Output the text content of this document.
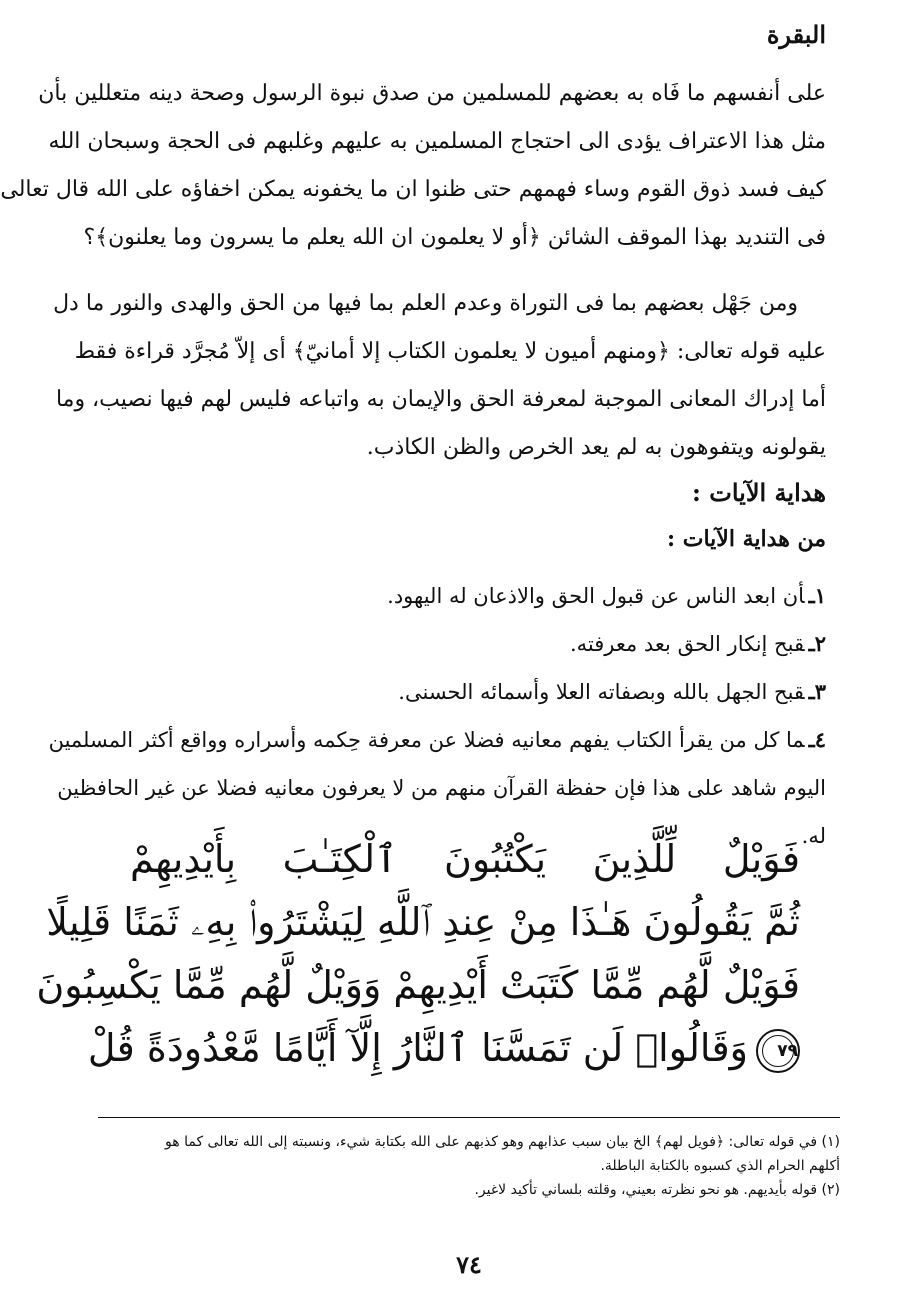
البقرة
على أنفسهم ما فَاه به بعضهم للمسلمين من صدق نبوة الرسول وصحة دينه متعللين بأن
مثل هذا الاعتراف يؤدى الى احتجاج المسلمين به عليهم وغلبهم فى الحجة وسبحان الله
كيف فسد ذوق القوم وساء فهمهم حتى ظنوا ان ما يخفونه يمكن اخفاؤه على الله قال تعالى
فى التنديد بهذا الموقف الشائن ﴿أو لا يعلمون ان الله يعلم ما يسرون وما يعلنون﴾؟
ومن جَهْل بعضهم بما فى التوراة وعدم العلم بما فيها من الحق والهدى والنور ما دل
عليه قوله تعالى: ﴿ومنهم أميون لا يعلمون الكتاب إلا أمانيّ﴾ أى إلاّ مُجرَّد قراءة فقط
أما إدراك المعانى الموجبة لمعرفة الحق والإيمان به واتباعه فليس لهم فيها نصيب، وما
يقولونه ويتفوهون به لم يعد الخرص والظن الكاذب.
هداية الآيات :
من هداية الآيات :
١ـأن ابعد الناس عن قبول الحق والاذعان له اليهود.
٢ـقبح إنكار الحق بعد معرفته.
٣ـقبح الجهل بالله وبصفاته العلا وأسمائه الحسنى.
٤ـما كل من يقرأ الكتاب يفهم معانيه فضلا عن معرفة حِكمه وأسراره وواقع أكثر المسلمين
اليوم شاهد على هذا فإن حفظة القرآن منهم من لا يعرفون معانيه فضلا عن غير الحافظين
له.
فَوَيْلٌ لِّلَّذِينَ يَكْتُبُونَ ٱلْكِتَـٰبَ بِأَيْدِيهِمْ
ثُمَّ يَقُولُونَ هَـٰذَا مِنْ عِندِ ٱللَّهِ لِيَشْتَرُوا۟ بِهِۦ ثَمَنًا قَلِيلًا
فَوَيْلٌ لَّهُم مِّمَّا كَتَبَتْ أَيْدِيهِمْ وَوَيْلٌ لَّهُم مِّمَّا يَكْسِبُونَ
٧٩وَقَالُوا۟ لَن تَمَسَّنَا ٱلنَّارُ إِلَّآ أَيَّامًا مَّعْدُودَةً قُلْ
(١) في قوله تعالى: ﴿فويل لهم﴾ الخ بيان سبب عذابهم وهو كذبهم على الله بكتابة شيء، ونسبته إلى الله تعالى كما هو
أكلهم الحرام الذي كسبوه بالكتابة الباطلة.
(٢) قوله بأيديهم. هو نحو نظرته بعيني، وقلته بلساني تأكيد لاغير.
٧٤
